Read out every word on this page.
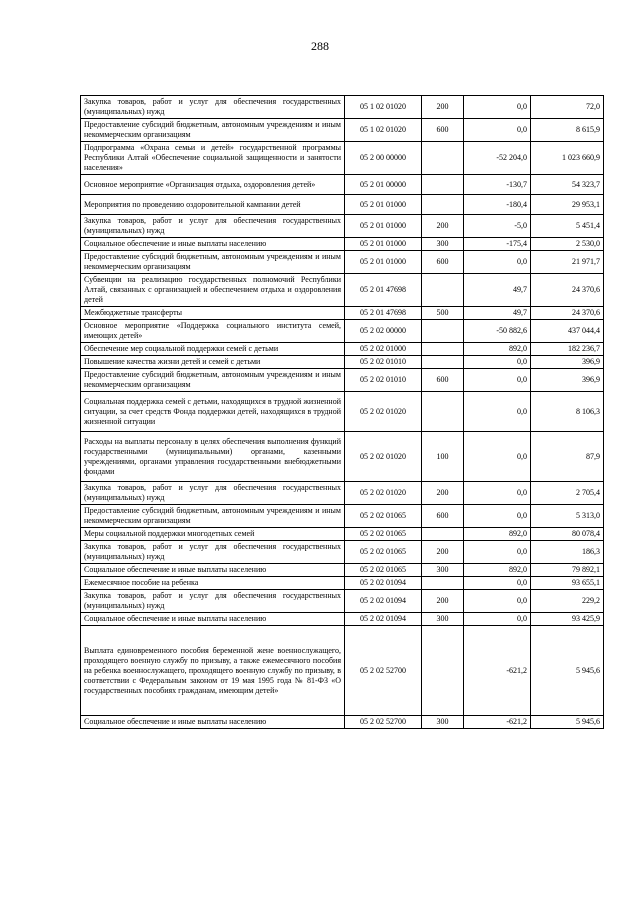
288
Закупка товаров, работ и услуг для обеспечения государственных (муниципальных) нужд	05 1 02 01020	200	0,0	72,0
Предоставление субсидий бюджетным, автономным учреждениям и иным некоммерческим организациям	05 1 02 01020	600	0,0	8 615,9
Подпрограмма «Охрана семьи и детей» государственной программы Республики Алтай «Обеспечение социальной защищенности и занятости населения»	05 2 00 00000		-52 204,0	1 023 660,9
Основное мероприятие «Организация отдыха, оздоровления детей»	05 2 01 00000		-130,7	54 323,7
Мероприятия по проведению оздоровительной кампании детей	05 2 01 01000		-180,4	29 953,1
Закупка товаров, работ и услуг для обеспечения государственных (муниципальных) нужд	05 2 01 01000	200	-5,0	5 451,4
Социальное обеспечение и иные выплаты населению	05 2 01 01000	300	-175,4	2 530,0
Предоставление субсидий бюджетным, автономным учреждениям и иным некоммерческим организациям	05 2 01 01000	600	0,0	21 971,7
Субвенции на реализацию государственных полномочий Республики Алтай, связанных с организацией и обеспечением отдыха и оздоровления детей	05 2 01 47698		49,7	24 370,6
Межбюджетные трансферты	05 2 01 47698	500	49,7	24 370,6
Основное мероприятие «Поддержка социального института семей, имеющих детей»	05 2 02 00000		-50 882,6	437 044,4
Обеспечение мер социальной поддержки семей с детьми	05 2 02 01000		892,0	182 236,7
Повышение качества жизни детей и семей с детьми	05 2 02 01010		0,0	396,9
Предоставление субсидий бюджетным, автономным учреждениям и иным некоммерческим организациям	05 2 02 01010	600	0,0	396,9
Социальная поддержка семей с детьми, находящихся в трудной жизненной ситуации, за счет средств Фонда поддержки детей, находящихся в трудной жизненной ситуации	05 2 02 01020		0,0	8 106,3
Расходы на выплаты персоналу в целях обеспечения выполнения функций государственными (муниципальными) органами, казенными учреждениями, органами управления государственными внебюджетными фондами	05 2 02 01020	100	0,0	87,9
Закупка товаров, работ и услуг для обеспечения государственных (муниципальных) нужд	05 2 02 01020	200	0,0	2 705,4
Предоставление субсидий бюджетным, автономным учреждениям и иным некоммерческим организациям	05 2 02 01065	600	0,0	5 313,0
Меры социальной поддержки многодетных семей	05 2 02 01065		892,0	80 078,4
Закупка товаров, работ и услуг для обеспечения государственных (муниципальных) нужд	05 2 02 01065	200	0,0	186,3
Социальное обеспечение и иные выплаты населению	05 2 02 01065	300	892,0	79 892,1
Ежемесячное пособие на ребенка	05 2 02 01094		0,0	93 655,1
Закупка товаров, работ и услуг для обеспечения государственных (муниципальных) нужд	05 2 02 01094	200	0,0	229,2
Социальное обеспечение и иные выплаты населению	05 2 02 01094	300	0,0	93 425,9
Выплата единовременного пособия беременной жене военнослужащего, проходящего военную службу по призыву, а также ежемесячного пособия на ребенка военнослужащего, проходящего военную службу по призыву, в соответствии с Федеральным законом от 19 мая 1995 года № 81-ФЗ «О государственных пособиях гражданам, имеющим детей»	05 2 02 52700		-621,2	5 945,6
Социальное обеспечение и иные выплаты населению	05 2 02 52700	300	-621,2	5 945,6
